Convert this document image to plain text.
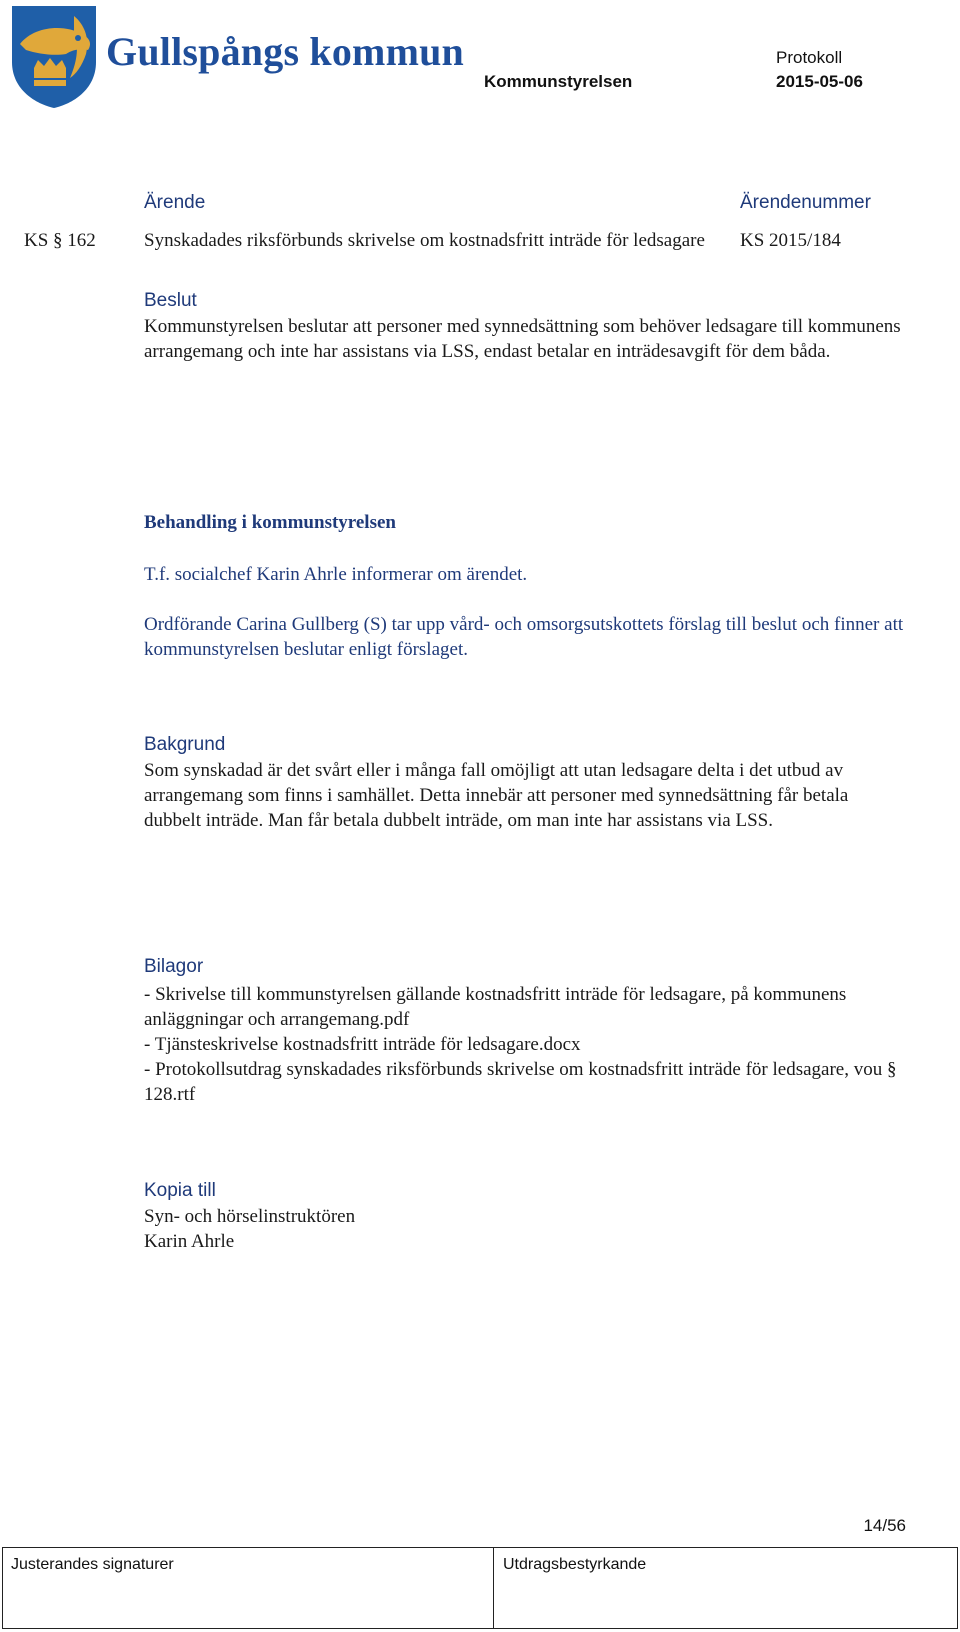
Gullspångs kommun	Protokoll
Kommunstyrelsen	2015-05-06
Ärende	Ärendenummer
KS § 162	Synskadades riksförbunds skrivelse om kostnadsfritt inträde för ledsagare	KS 2015/184
Beslut
Kommunstyrelsen beslutar att personer med synnedsättning som behöver ledsagare till kommunens arrangemang och inte har assistans via LSS, endast betalar en inträdesavgift för dem båda.
Behandling i kommunstyrelsen
T.f. socialchef Karin Ahrle informerar om ärendet.
Ordförande Carina Gullberg (S) tar upp vård- och omsorgsutskottets förslag till beslut och finner att kommunstyrelsen beslutar enligt förslaget.
Bakgrund
Som synskadad är det svårt eller i många fall omöjligt att utan ledsagare delta i det utbud av arrangemang som finns i samhället. Detta innebär att personer med synnedsättning får betala dubbelt inträde. Man får betala dubbelt inträde, om man inte har assistans via LSS.
Bilagor

- Skrivelse till kommunstyrelsen gällande kostnadsfritt inträde för ledsagare, på kommunens anläggningar och arrangemang.pdf

- Tjänsteskrivelse kostnadsfritt inträde för ledsagare.docx

- Protokollsutdrag synskadades riksförbunds skrivelse om kostnadsfritt inträde för ledsagare, vou § 128.rtf

Kopia till

Syn- och hörselinstruktören

Karin Ahrle

14/56
Justerandes signaturer	Utdragsbestyrkande
